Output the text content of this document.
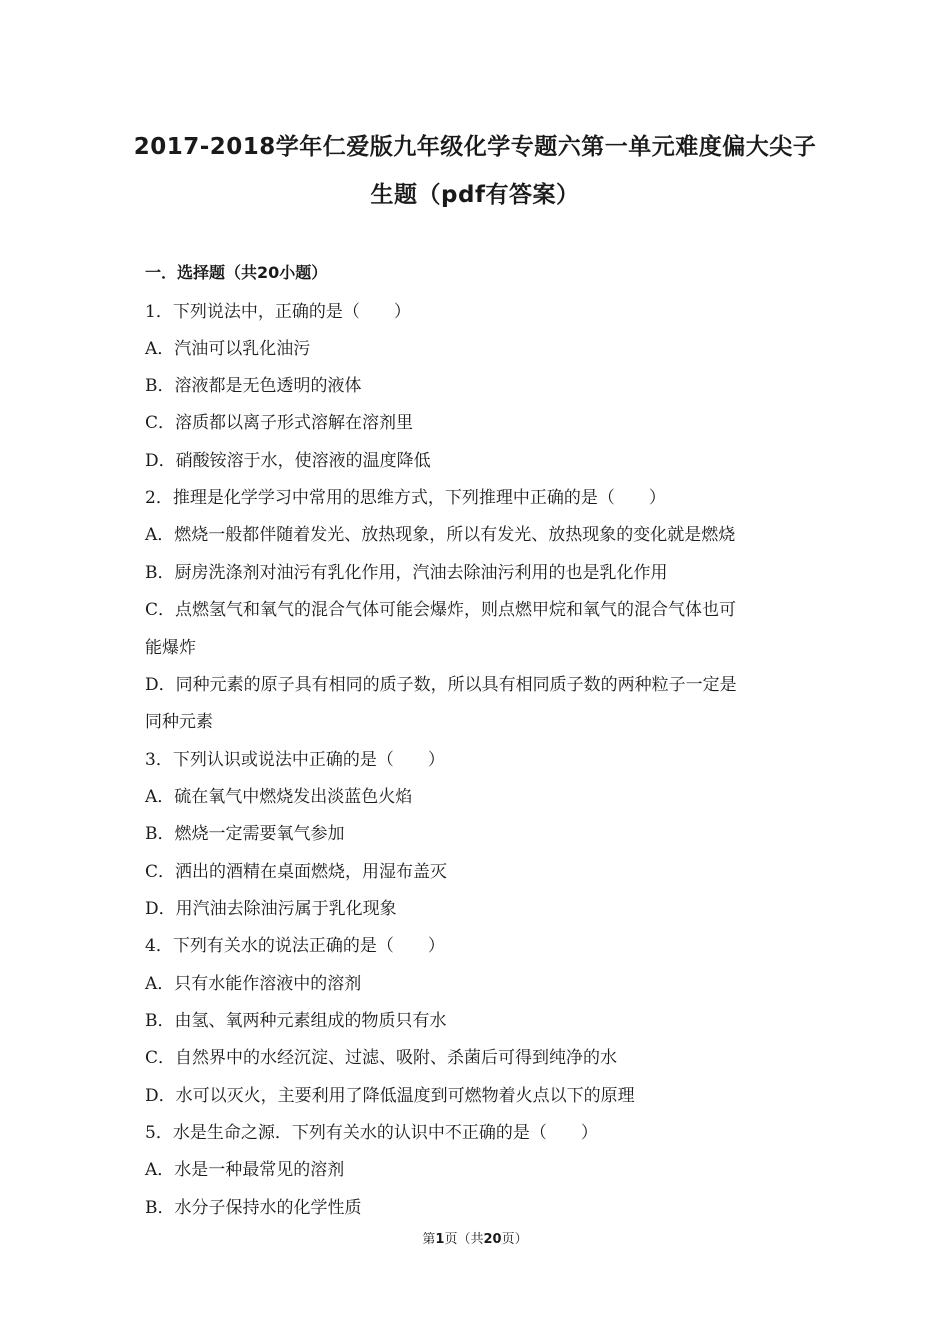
2017-2018学年仁爱版九年级化学专题六第一单元难度偏大尖子
生题（pdf有答案）
一．选择题（共20小题）
1．下列说法中，正确的是（　　）
A．汽油可以乳化油污
B．溶液都是无色透明的液体
C．溶质都以离子形式溶解在溶剂里
D．硝酸铵溶于水，使溶液的温度降低
2．推理是化学学习中常用的思维方式，下列推理中正确的是（　　）
A．燃烧一般都伴随着发光、放热现象，所以有发光、放热现象的变化就是燃烧
B．厨房洗涤剂对油污有乳化作用，汽油去除油污利用的也是乳化作用
C．点燃氢气和氧气的混合气体可能会爆炸，则点燃甲烷和氧气的混合气体也可
能爆炸
D．同种元素的原子具有相同的质子数，所以具有相同质子数的两种粒子一定是
同种元素
3．下列认识或说法中正确的是（　　）
A．硫在氧气中燃烧发出淡蓝色火焰
B．燃烧一定需要氧气参加
C．洒出的酒精在桌面燃烧，用湿布盖灭
D．用汽油去除油污属于乳化现象
4．下列有关水的说法正确的是（　　）
A．只有水能作溶液中的溶剂
B．由氢、氧两种元素组成的物质只有水
C．自然界中的水经沉淀、过滤、吸附、杀菌后可得到纯净的水
D．水可以灭火，主要利用了降低温度到可燃物着火点以下的原理
5．水是生命之源．下列有关水的认识中不正确的是（　　）
A．水是一种最常见的溶剂
B．水分子保持水的化学性质
第1页（共20页）
